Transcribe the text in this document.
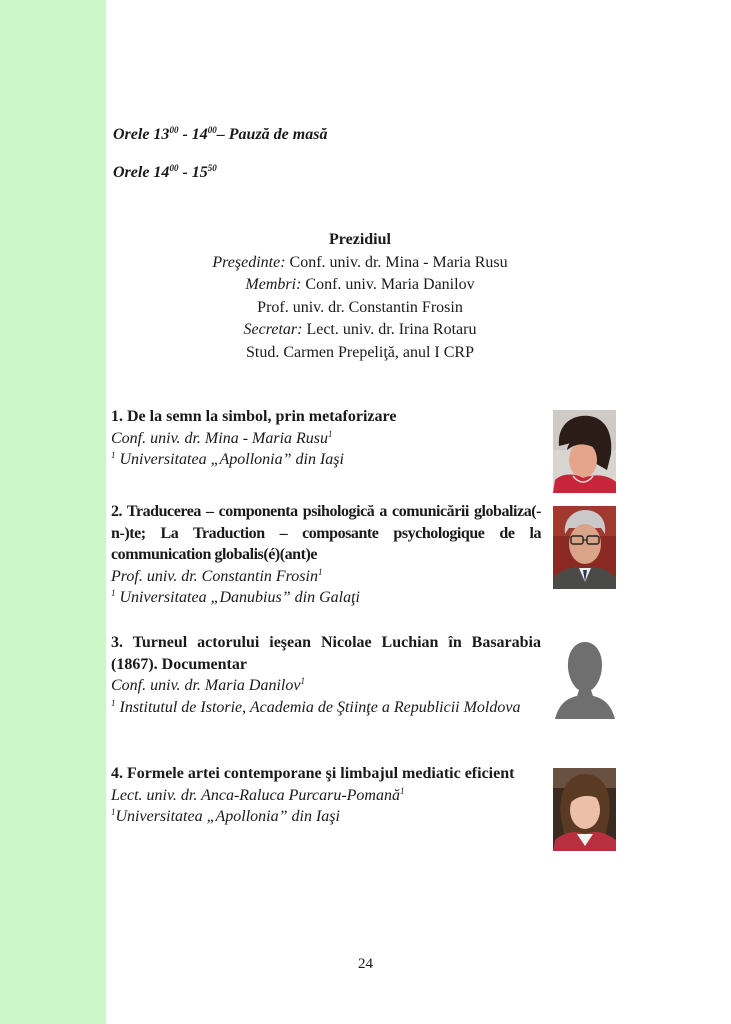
Orele $13^{00} - 14^{00}-$ Pauză de masă
Orele $14^{00} - 15^{50}$
Prezidiul
Preşedinte: Conf. univ. dr. Mina - Maria Rusu
Membri: Conf. univ. Maria Danilov
Prof. univ. dr. Constantin Frosin
Secretar: Lect. univ. dr. Irina Rotaru
Stud. Carmen Prepeliţă, anul I CRP
1. De la semn la simbol, prin metaforizare
Conf. univ. dr. Mina - Maria Rusu$^1$
$^1$ Universitatea „Apollonia” din Iaşi
2. Traducerea – componenta psihologică a comunicării globaliza(-n-)te; La Traduction – composante psychologique de la communication globalis(é)(ant)e
Prof. univ. dr. Constantin Frosin$^1$
$^1$ Universitatea „Danubius” din Galaţi
3. Turneul actorului ieşean Nicolae Luchian în Basarabia (1867). Documentar
Conf. univ. dr. Maria Danilov$^1$
$^1$ Institutul de Istorie, Academia de Ştiinţe a Republicii Moldova
4. Formele artei contemporane şi limbajul mediatic eficient
Lect. univ. dr. Anca-Raluca Purcaru-Pomană$^1$
$^1$Universitatea „Apollonia” din Iaşi
24
